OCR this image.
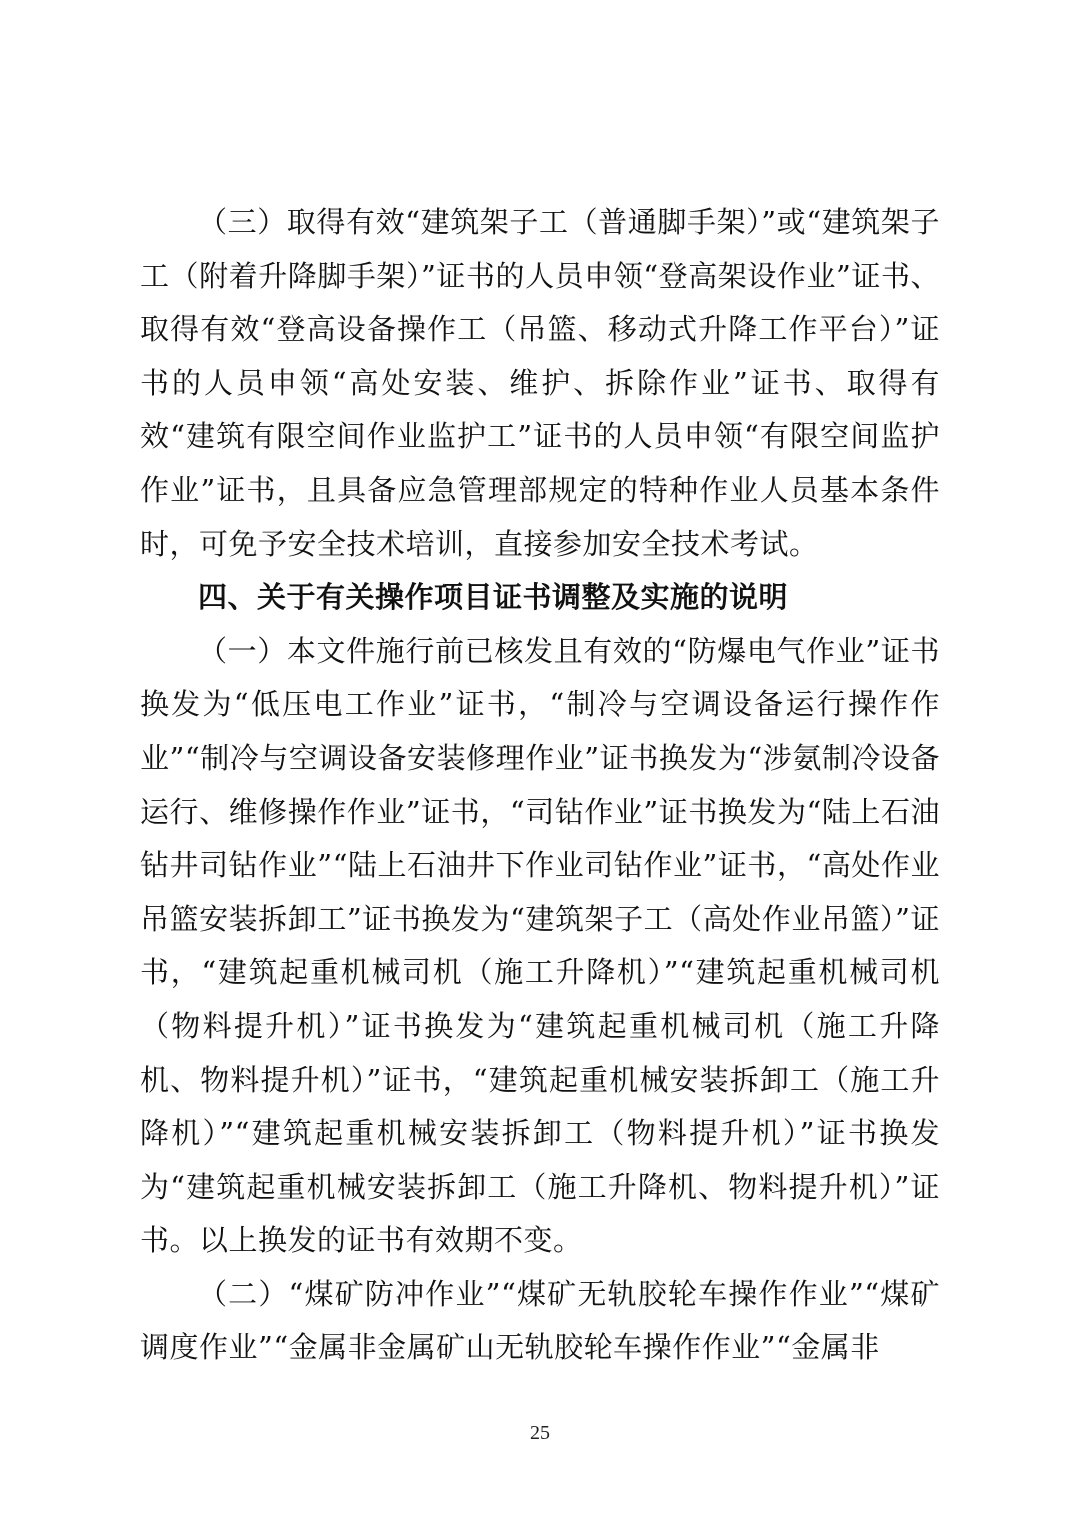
（三）取得有效“建筑架子工（普通脚手架）”或“建筑架子工（附着升降脚手架）”证书的人员申领“登高架设作业”证书、取得有效“登高设备操作工（吊篮、移动式升降工作平台）”证书的人员申领“高处安装、维护、拆除作业”证书、取得有效“建筑有限空间作业监护工”证书的人员申领“有限空间监护作业”证书，且具备应急管理部规定的特种作业人员基本条件时，可免予安全技术培训，直接参加安全技术考试。

四、关于有关操作项目证书调整及实施的说明

（一）本文件施行前已核发且有效的“防爆电气作业”证书换发为“低压电工作业”证书，“制冷与空调设备运行操作作业”“制冷与空调设备安装修理作业”证书换发为“涉氨制冷设备运行、维修操作作业”证书，“司钻作业”证书换发为“陆上石油钻井司钻作业”“陆上石油井下作业司钻作业”证书，“高处作业吊篮安装拆卸工”证书换发为“建筑架子工（高处作业吊篮）”证书，“建筑起重机械司机（施工升降机）”“建筑起重机械司机（物料提升机）”证书换发为“建筑起重机械司机（施工升降机、物料提升机）”证书，“建筑起重机械安装拆卸工（施工升降机）”“建筑起重机械安装拆卸工（物料提升机）”证书换发为“建筑起重机械安装拆卸工（施工升降机、物料提升机）”证书。以上换发的证书有效期不变。

（二）“煤矿防冲作业”“煤矿无轨胶轮车操作作业”“煤矿调度作业”“金属非金属矿山无轨胶轮车操作作业”“金属非

25
